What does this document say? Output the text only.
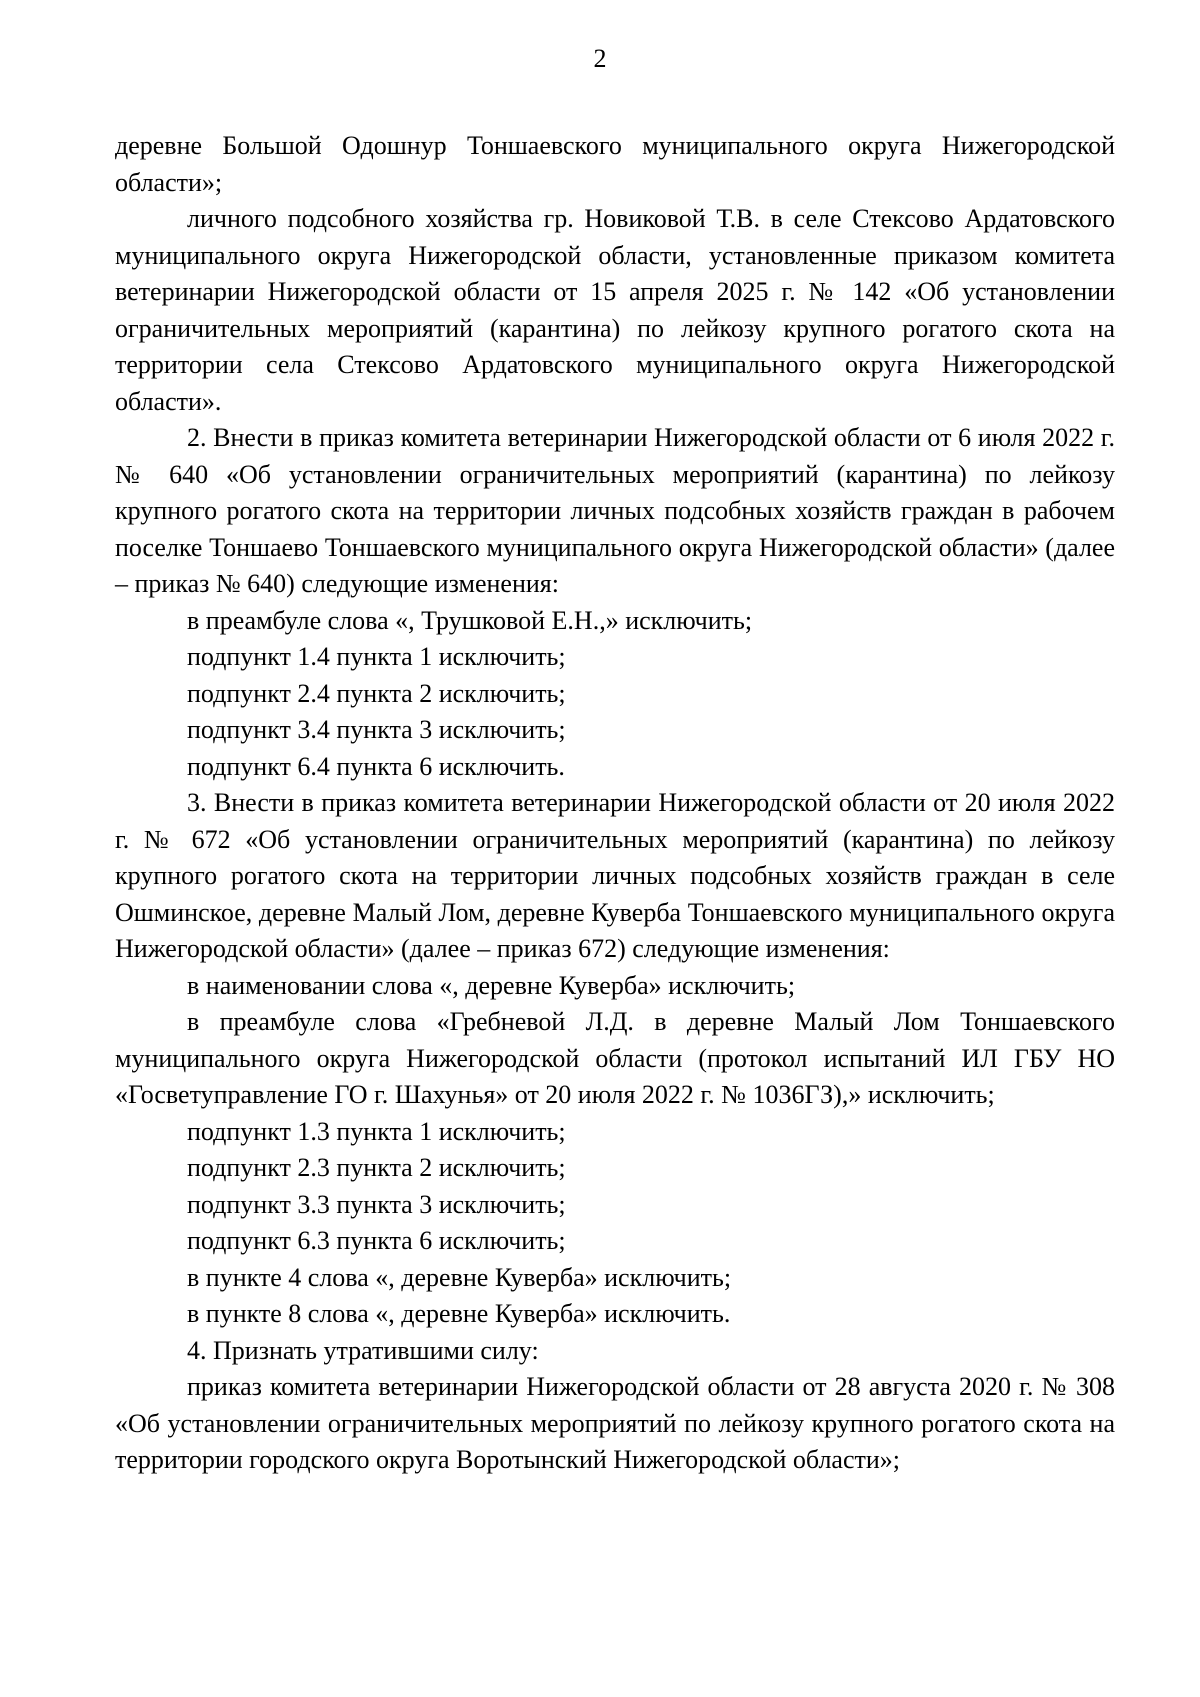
2

деревне Большой Одошнур Тоншаевского муниципального округа Нижегородской области»;

личного подсобного хозяйства гр. Новиковой Т.В. в селе Стексово Ардатовского муниципального округа Нижегородской области, установленные приказом комитета ветеринарии Нижегородской области от 15 апреля 2025 г. № 142 «Об установлении ограничительных мероприятий (карантина) по лейкозу крупного рогатого скота на территории села Стексово Ардатовского муниципального округа Нижегородской области».

2. Внести в приказ комитета ветеринарии Нижегородской области от 6 июля 2022 г. № 640 «Об установлении ограничительных мероприятий (карантина) по лейкозу крупного рогатого скота на территории личных подсобных хозяйств граждан в рабочем поселке Тоншаево Тоншаевского муниципального округа Нижегородской области» (далее – приказ № 640) следующие изменения:

в преамбуле слова «, Трушковой Е.Н.,» исключить;

подпункт 1.4 пункта 1 исключить;

подпункт 2.4 пункта 2 исключить;

подпункт 3.4 пункта 3 исключить;

подпункт 6.4 пункта 6 исключить.

3. Внести в приказ комитета ветеринарии Нижегородской области от 20 июля 2022 г. № 672 «Об установлении ограничительных мероприятий (карантина) по лейкозу крупного рогатого скота на территории личных подсобных хозяйств граждан в селе Ошминское, деревне Малый Лом, деревне Куверба Тоншаевского муниципального округа Нижегородской области» (далее – приказ 672) следующие изменения:

в наименовании слова «, деревне Куверба» исключить;

в преамбуле слова «Гребневой Л.Д. в деревне Малый Лом Тоншаевского муниципального округа Нижегородской области (протокол испытаний ИЛ ГБУ НО «Госветуправление ГО г. Шахунья» от 20 июля 2022 г. № 1036ГЗ),» исключить;

подпункт 1.3 пункта 1 исключить;

подпункт 2.3 пункта 2 исключить;

подпункт 3.3 пункта 3 исключить;

подпункт 6.3 пункта 6 исключить;

в пункте 4 слова «, деревне Куверба» исключить;

в пункте 8 слова «, деревне Куверба» исключить.

4. Признать утратившими силу:

приказ комитета ветеринарии Нижегородской области от 28 августа 2020 г. № 308 «Об установлении ограничительных мероприятий по лейкозу крупного рогатого скота на территории городского округа Воротынский Нижегородской области»;
